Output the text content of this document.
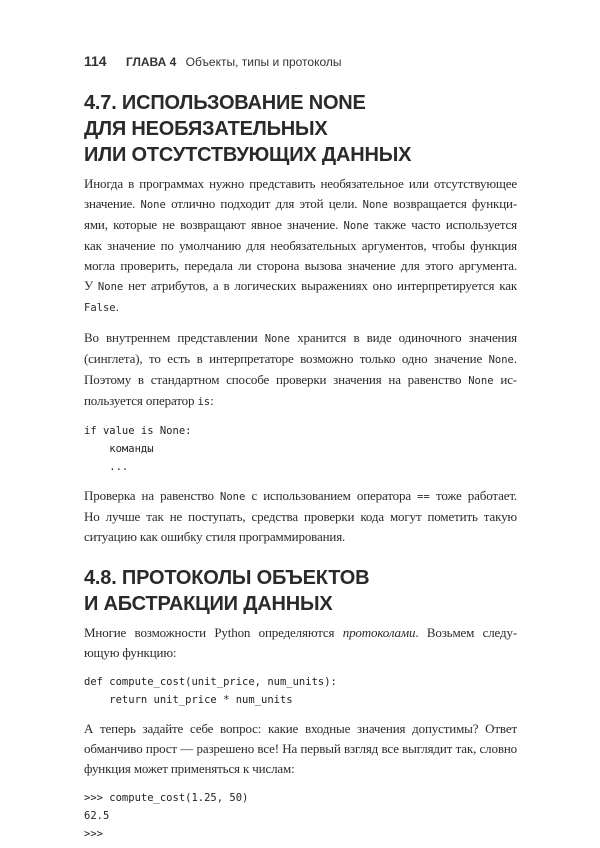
114 ГЛАВА 4 Объекты, типы и протоколы
4.7. ИСПОЛЬЗОВАНИЕ NONE
ДЛЯ НЕОБЯЗАТЕЛЬНЫХ
ИЛИ ОТСУТСТВУЮЩИХ ДАННЫХ
Иногда в программах нужно представить необязательное или отсутствующее
значение. None отлично подходит для этой цели. None возвращается функци-
ями, которые не возвращают явное значение. None также часто используется
как значение по умолчанию для необязательных аргументов, чтобы функция
могла проверить, передала ли сторона вызова значение для этого аргумента.
У None нет атрибутов, а в логических выражениях оно интерпретируется как
False.
Во внутреннем представлении None хранится в виде одиночного значения
(синглета), то есть в интерпретаторе возможно только одно значение None.
Поэтому в стандартном способе проверки значения на равенство None ис-
пользуется оператор is:
if value is None:
команды
...
Проверка на равенство None с использованием оператора == тоже работает.
Но лучше так не поступать, средства проверки кода могут пометить такую
ситуацию как ошибку стиля программирования.
4.8. ПРОТОКОЛЫ ОБЪЕКТОВ
И АБСТРАКЦИИ ДАННЫХ
Многие возможности Python определяются протоколами. Возьмем следу-
ющую функцию:
def compute_cost(unit_price, num_units):
return unit_price * num_units
А теперь задайте себе вопрос: какие входные значения допустимы? Ответ
обманчиво прост — разрешено все! На первый взгляд все выглядит так, словно
функция может применяться к числам:
>>> compute_cost(1.25, 50)
62.5
>>>
